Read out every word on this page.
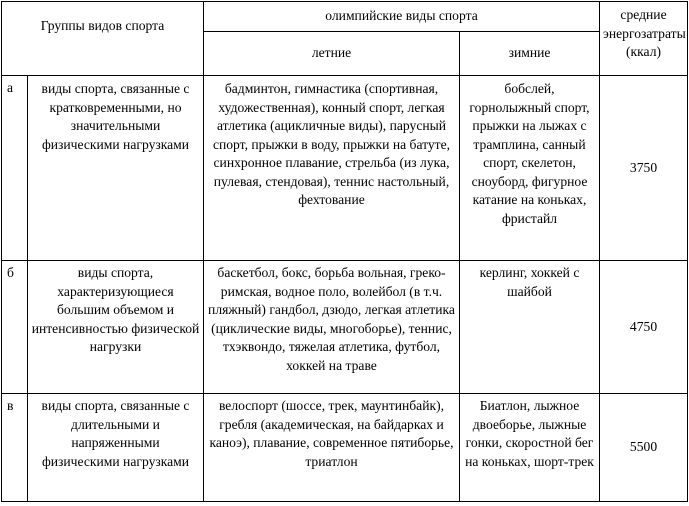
Группы видов спорта		олимпийские виды спорта		средние энергозатраты (ккал)
		летние	зимние	
а	виды спорта, связанные с кратковременными, но значительными физическими нагрузками	бадминтон, гимнастика (спортивная, художественная), конный спорт, легкая атлетика (ацикличные виды), парусный спорт, прыжки в воду, прыжки на батуте, синхронное плавание, стрельба (из лука, пулевая, стендовая), теннис настольный, фехтование	бобслей, горнолыжный спорт, прыжки на лыжах с трамплина, санный спорт, скелетон, сноуборд, фигурное катание на коньках, фристайл	3750
б	виды спорта, характеризующиеся большим объемом и интенсивностью физической нагрузки	баскетбол, бокс, борьба вольная, греко-римская, водное поло, волейбол (в т.ч. пляжный) гандбол, дзюдо, легкая атлетика (циклические виды, многоборье), теннис, тхэквондо, тяжелая атлетика, футбол, хоккей на траве	керлинг, хоккей с шайбой	4750
в	виды спорта, связанные с длительными и напряженными физическими нагрузками	велоспорт (шоссе, трек, маунтинбайк), гребля (академическая, на байдарках и каноэ), плавание, современное пятиборье, триатлон	Биатлон, лыжное двоеборье, лыжные гонки, скоростной бег на коньках, шорт-трек	5500
